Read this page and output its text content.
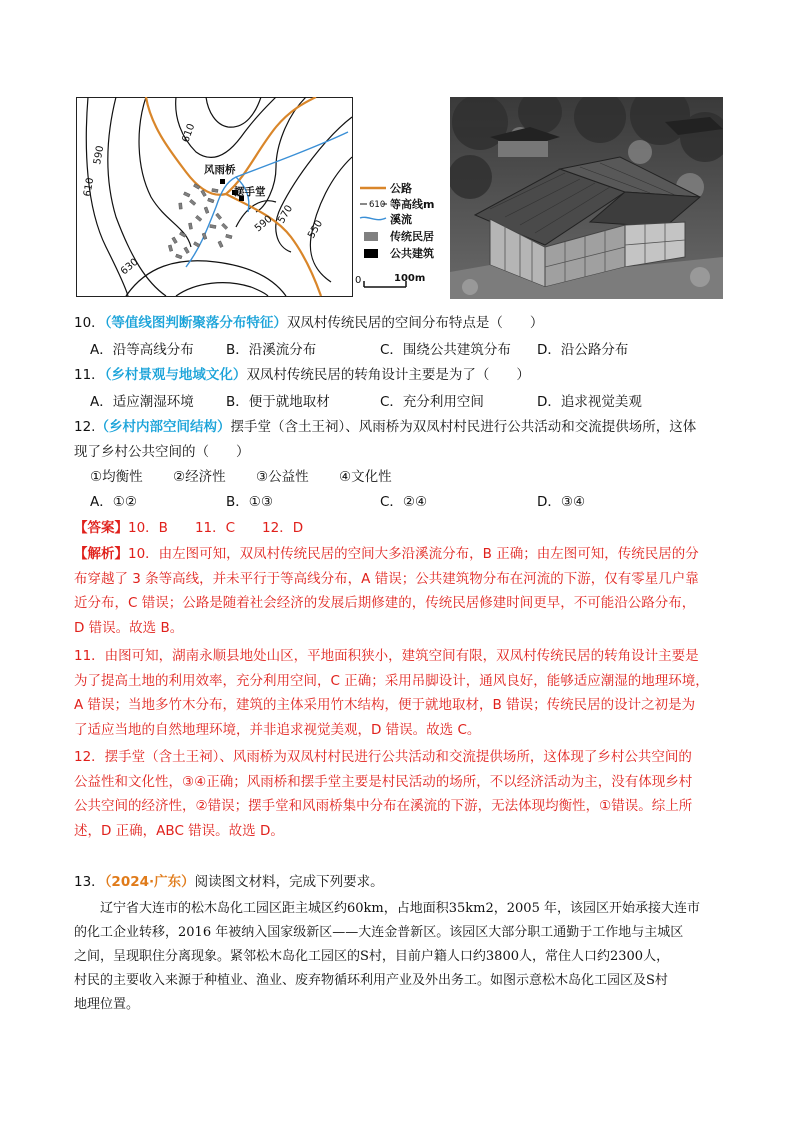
610
590
610
570
550
590
630
风雨桥
摆手堂	公路
610 等高线m
溪流
传统民居
公共建筑
0	100m
10．（等值线图判断聚落分布特征）双凤村传统民居的空间分布特点是（　　）
A．沿等高线分布 B．沿溪流分布	C．围绕公共建筑分布 D．沿公路分布
11．（乡村景观与地域文化）双凤村传统民居的转角设计主要是为了（　　）
A．适应潮湿环境 B．便于就地取材	C．充分利用空间	D．追求视觉美观
12.（乡村内部空间结构）摆手堂（含土王祠）、风雨桥为双凤村村民进行公共活动和交流提供场所，这体
现了乡村公共空间的（　　）
①均衡性 ②经济性 ③公益性 ④文化性
A．①②	B．①③	C．②④	D．③④
【答案】10．B　　11．C　　12．D
【解析】10．由左图可知，双凤村传统民居的空间大多沿溪流分布，B 正确；由左图可知，传统民居的分
布穿越了 3 条等高线，并未平行于等高线分布，A 错误；公共建筑物分布在河流的下游，仅有零星几户靠
近分布，C 错误；公路是随着社会经济的发展后期修建的，传统民居修建时间更早，不可能沿公路分布，
D 错误。故选 B。
11．由图可知，湖南永顺县地处山区，平地面积狭小，建筑空间有限，双凤村传统民居的转角设计主要是
为了提高土地的利用效率，充分利用空间，C 正确；采用吊脚设计，通风良好，能够适应潮湿的地理环境，
A 错误；当地多竹木分布，建筑的主体采用竹木结构，便于就地取材，B 错误；传统民居的设计之初是为
了适应当地的自然地理环境，并非追求视觉美观，D 错误。故选 C。
12．摆手堂（含土王祠）、风雨桥为双凤村村民进行公共活动和交流提供场所，这体现了乡村公共空间的
公益性和文化性，③④正确；风雨桥和摆手堂主要是村民活动的场所，不以经济活动为主，没有体现乡村
公共空间的经济性，②错误；摆手堂和风雨桥集中分布在溪流的下游，无法体现均衡性，①错误。综上所
述，D 正确，ABC 错误。故选 D。
13．（2024·广东）阅读图文材料，完成下列要求。
　　辽宁省大连市的松木岛化工园区距主城区约60km，占地面积35km2，2005 年，该园区开始承接大连市
的化工企业转移，2016 年被纳入国家级新区——大连金普新区。该园区大部分职工通勤于工作地与主城区
之间，呈现职住分离现象。紧邻松木岛化工园区的S村，目前户籍人口约3800人，常住人口约2300人，
村民的主要收入来源于种植业、渔业、废弃物循环利用产业及外出务工。如图示意松木岛化工园区及S村
地理位置。
